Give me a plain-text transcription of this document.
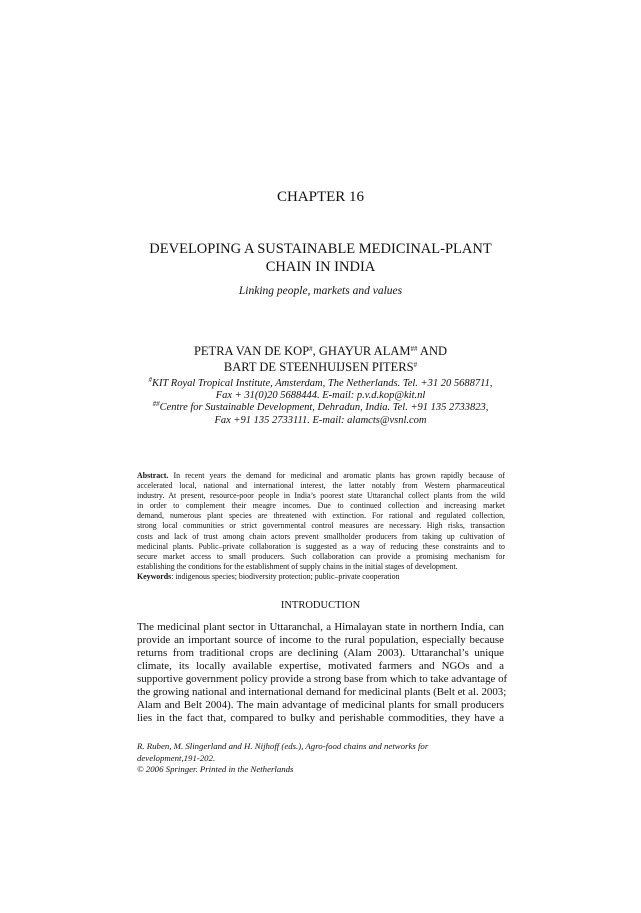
CHAPTER 16
DEVELOPING A SUSTAINABLE MEDICINAL-PLANT
CHAIN IN INDIA
Linking people, markets and values
PETRA VAN DE KOP#, GHAYUR ALAM## AND
BART DE STEENHUIJSEN PITERS#
#KIT Royal Tropical Institute, Amsterdam, The Netherlands. Tel. +31 20 5688711,
Fax + 31(0)20 5688444. E-mail: p.v.d.kop@kit.nl
##Centre for Sustainable Development, Dehradun, India. Tel. +91 135 2733823,
Fax +91 135 2733111. E-mail: alamcts@vsnl.com
Abstract. In recent years the demand for medicinal and aromatic plants has grown rapidly because of
accelerated local, national and international interest, the latter notably from Western pharmaceutical
industry. At present, resource-poor people in India’s poorest state Uttaranchal collect plants from the wild
in order to complement their meagre incomes. Due to continued collection and increasing market
demand, numerous plant species are threatened with extinction. For rational and regulated collection,
strong local communities or strict governmental control measures are necessary. High risks, transaction
costs and lack of trust among chain actors prevent smallholder producers from taking up cultivation of
medicinal plants. Public–private collaboration is suggested as a way of reducing these constraints and to
secure market access to small producers. Such collaboration can provide a promising mechanism for
establishing the conditions for the establishment of supply chains in the initial stages of development.
Keywords: indigenous species; biodiversity protection; public–private cooperation
INTRODUCTION
The medicinal plant sector in Uttaranchal, a Himalayan state in northern India, can
provide an important source of income to the rural population, especially because
returns from traditional crops are declining (Alam 2003). Uttaranchal’s unique
climate, its locally available expertise, motivated farmers and NGOs and a
supportive government policy provide a strong base from which to take advantage of
the growing national and international demand for medicinal plants (Belt et al. 2003;
Alam and Belt 2004). The main advantage of medicinal plants for small producers
lies in the fact that, compared to bulky and perishable commodities, they have a
R. Ruben, M. Slingerland and H. Nijhoff (eds.), Agro-food chains and networks for
development,191-202.
© 2006 Springer. Printed in the Netherlands
